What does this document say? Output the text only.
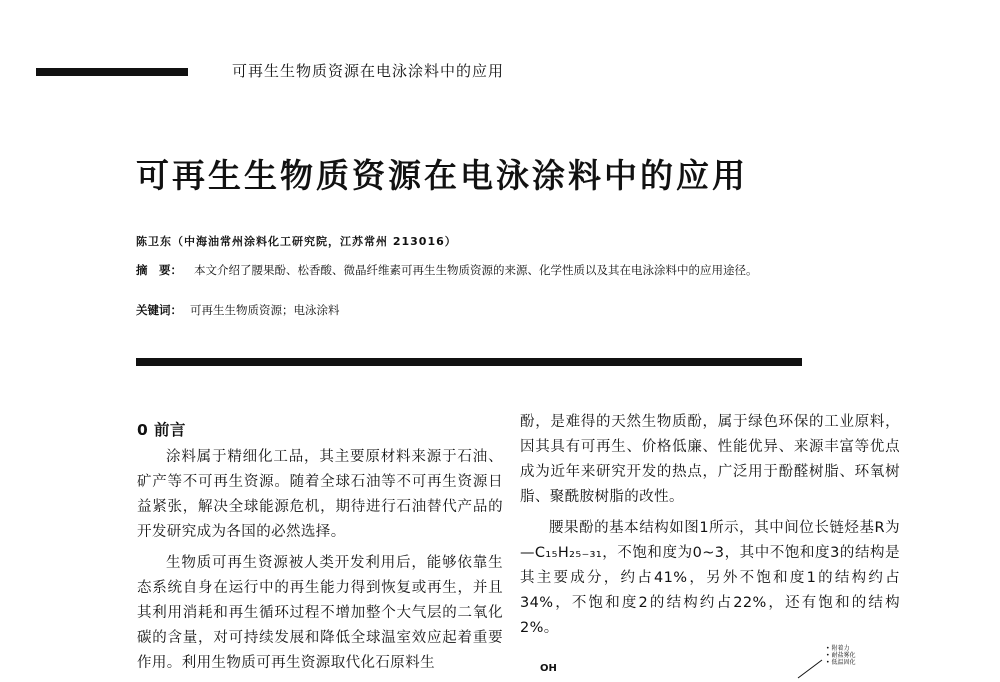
可再生生物质资源在电泳涂料中的应用
可再生生物质资源在电泳涂料中的应用
陈卫东（中海油常州涂料化工研究院，江苏常州 213016）
摘　要： 本文介绍了腰果酚、松香酸、微晶纤维素可再生生物质资源的来源、化学性质以及其在电泳涂料中的应用途径。
关键词： 可再生生物质资源；电泳涂料
0 前言

涂料属于精细化工品，其主要原材料来源于石油、矿产等不可再生资源。随着全球石油等不可再生资源日益紧张，解决全球能源危机，期待进行石油替代产品的开发研究成为各国的必然选择。

生物质可再生资源被人类开发利用后，能够依靠生态系统自身在运行中的再生能力得到恢复或再生，并且其利用消耗和再生循环过程不增加整个大气层的二氧化碳的含量，对可持续发展和降低全球温室效应起着重要作用。利用生物质可再生资源取代化石原料生

酚，是难得的天然生物质酚，属于绿色环保的工业原料，因其具有可再生、价格低廉、性能优异、来源丰富等优点成为近年来研究开发的热点，广泛用于酚醛树脂、环氧树脂、聚酰胺树脂的改性。

腰果酚的基本结构如图1所示，其中间位长链烃基R为—C₁₅H₂₅₋₃₁，不饱和度为0~3，其中不饱和度3的结构是其主要成分，约占41%，另外不饱和度1的结构约占34%，不饱和度2的结构约占22%，还有饱和的结构2%。

OH
• 附着力
• 耐盐雾化
• 低温固化
